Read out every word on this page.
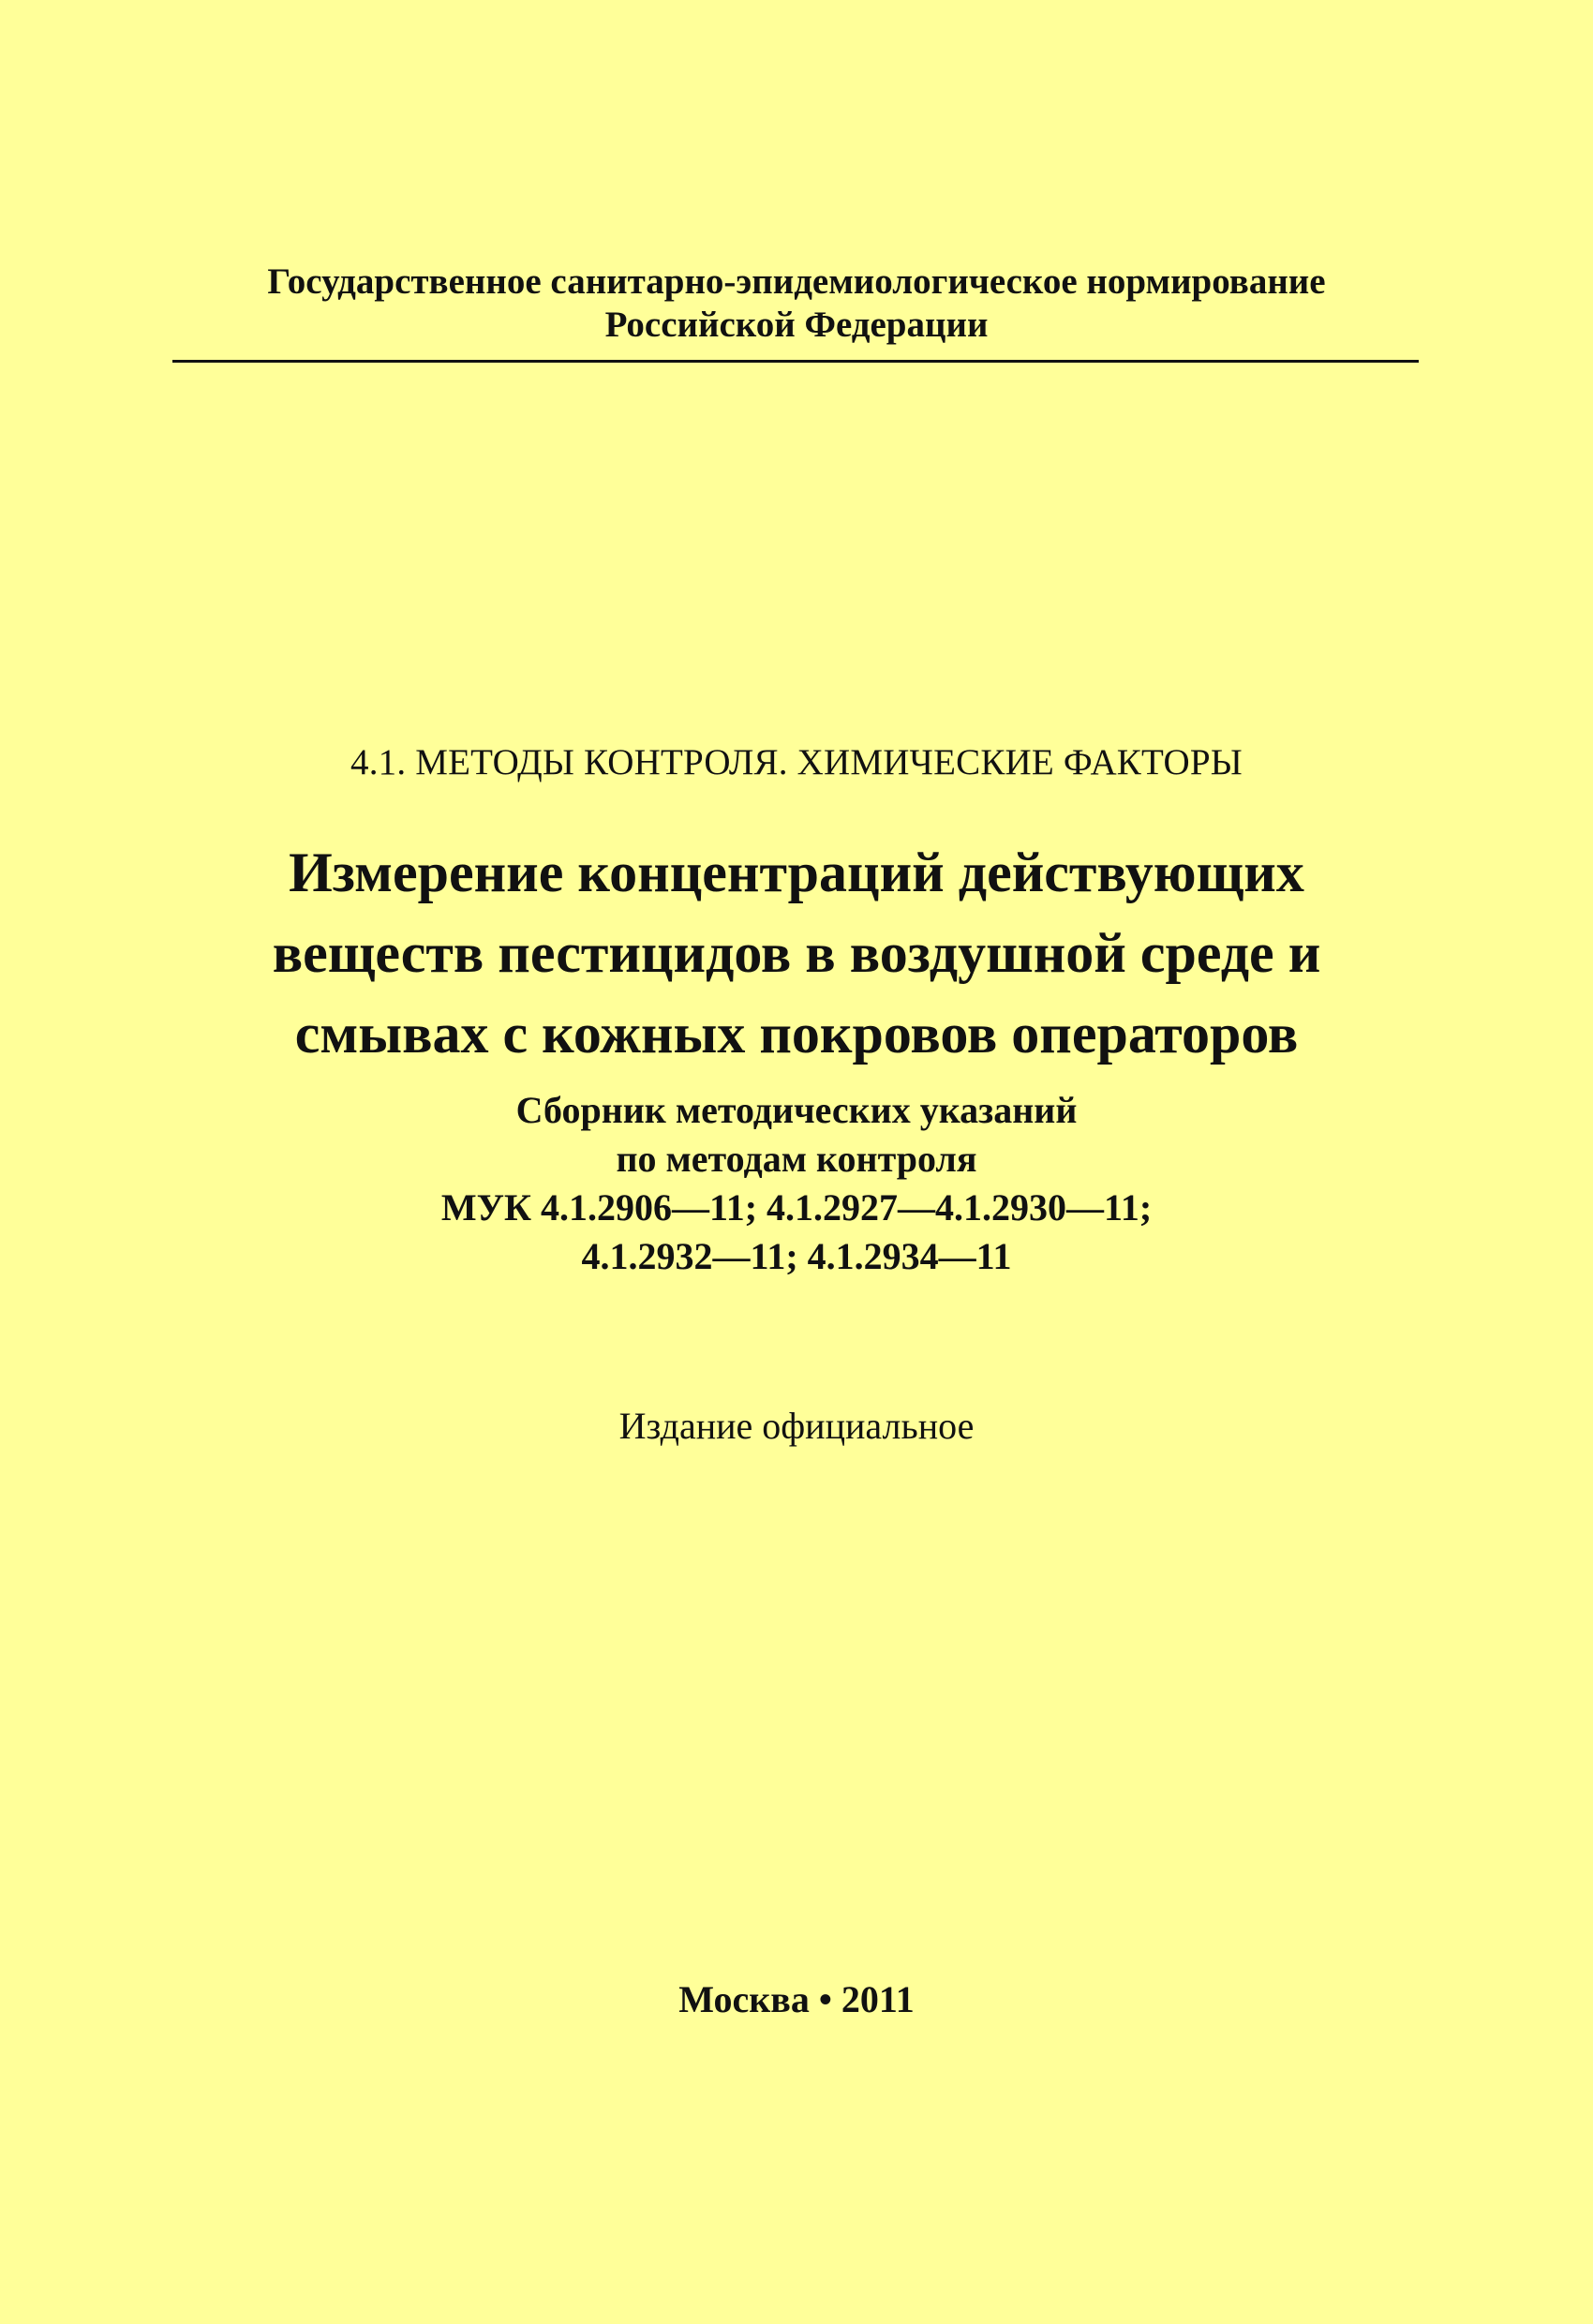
Государственное санитарно-эпидемиологическое нормирование
Российской Федерации
4.1. МЕТОДЫ КОНТРОЛЯ. ХИМИЧЕСКИЕ ФАКТОРЫ
Измерение концентраций действующих
веществ пестицидов в воздушной среде и
смывах с кожных покровов операторов
Сборник методических указаний
по методам контроля
МУК 4.1.2906—11; 4.1.2927—4.1.2930—11;
4.1.2932—11; 4.1.2934—11
Издание официальное
Москва • 2011
